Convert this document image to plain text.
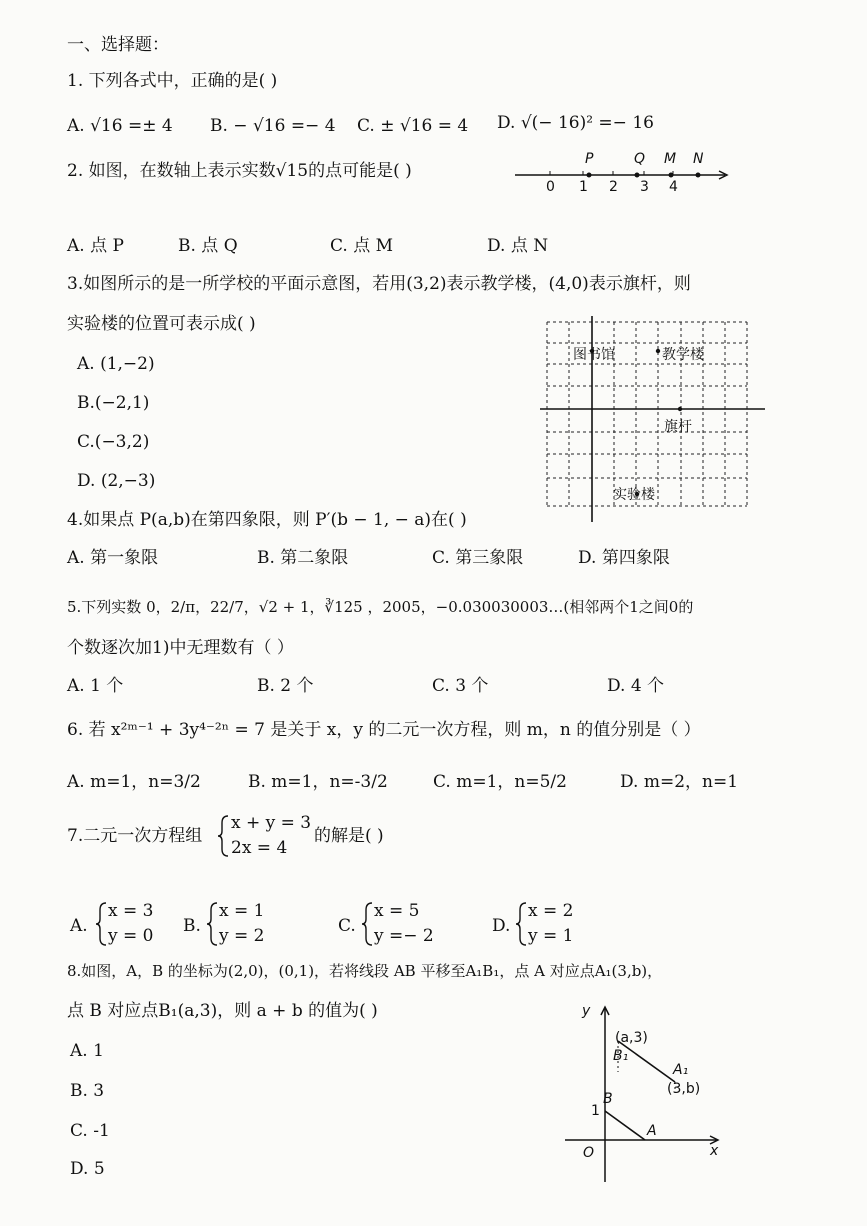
一、选择题：
1. 下列各式中，正确的是( )
A. √16 =± 4 B. − √16 =− 4 C. ± √16 = 4 D. √(− 16)² =− 16
2. 如图，在数轴上表示实数√15的点可能是( )
P	Q M N
0 1 2 3 4
A. 点 P	B. 点 Q	C. 点 M	D. 点 N
3.如图所示的是一所学校的平面示意图，若用(3,2)表示教学楼，(4,0)表示旗杆，则
实验楼的位置可表示成( )
A. (1,−2)
B.(−2,1)
C.(−3,2)
D. (2,−3)
图书馆	教学楼
旗杆
实验楼
4.如果点 P(a,b)在第四象限，则 P′(b − 1, − a)在( )
A. 第一象限	B. 第二象限	C. 第三象限	D. 第四象限
5.下列实数 0，2/π，22/7，√2 + 1，∛125 ，2005，−0.030030003…(相邻两个1之间0的
个数逐次加1)中无理数有（ ）
A. 1 个	B. 2 个	C. 3 个	D. 4 个
6. 若 x²ᵐ⁻¹ + 3y⁴⁻²ⁿ = 7 是关于 x，y 的二元一次方程，则 m，n 的值分别是（ ）
A. m=1，n=3/2	B. m=1，n=-3/2	C. m=1，n=5/2	D. m=2，n=1
7.二元一次方程组
x + y = 3
2x = 4
的解是( )
A.
x = 3
y = 0 B.
x = 1
y = 2	C.
x = 5
y =− 2	D.
x = 2
y = 1
8.如图，A，B 的坐标为(2,0)，(0,1)，若将线段 AB 平移至A₁B₁，点 A 对应点A₁(3,b)，
点 B 对应点B₁(a,3)，则 a + b 的值为( )
A. 1
B. 3
C. -1
D. 5
y
x
O
1
B
A
(a,3)
B₁
A₁
(3,b)
